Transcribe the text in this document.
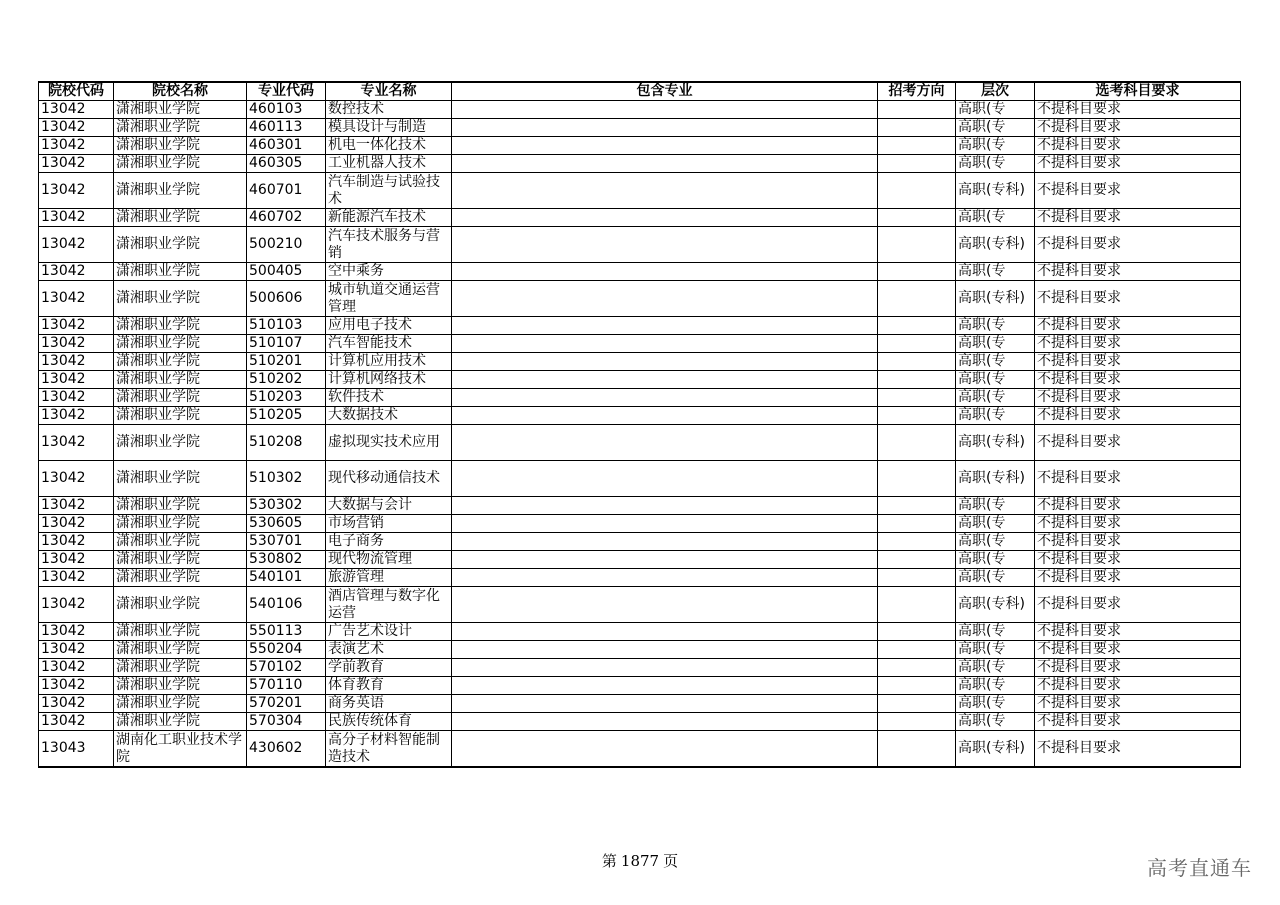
院校代码	院校名称	专业代码	专业名称	包含专业	招考方向	层次	选考科目要求
13042	潇湘职业学院	460103	数控技术			高职(专	不提科目要求
13042	潇湘职业学院	460113	模具设计与制造			高职(专	不提科目要求
13042	潇湘职业学院	460301	机电一体化技术			高职(专	不提科目要求
13042	潇湘职业学院	460305	工业机器人技术			高职(专	不提科目要求
13042	潇湘职业学院	460701	汽车制造与试验技术			高职(专科)	不提科目要求
13042	潇湘职业学院	460702	新能源汽车技术			高职(专	不提科目要求
13042	潇湘职业学院	500210	汽车技术服务与营销			高职(专科)	不提科目要求
13042	潇湘职业学院	500405	空中乘务			高职(专	不提科目要求
13042	潇湘职业学院	500606	城市轨道交通运营管理			高职(专科)	不提科目要求
13042	潇湘职业学院	510103	应用电子技术			高职(专	不提科目要求
13042	潇湘职业学院	510107	汽车智能技术			高职(专	不提科目要求
13042	潇湘职业学院	510201	计算机应用技术			高职(专	不提科目要求
13042	潇湘职业学院	510202	计算机网络技术			高职(专	不提科目要求
13042	潇湘职业学院	510203	软件技术			高职(专	不提科目要求
13042	潇湘职业学院	510205	大数据技术			高职(专	不提科目要求
13042	潇湘职业学院	510208	虚拟现实技术应用			高职(专科)	不提科目要求
13042	潇湘职业学院	510302	现代移动通信技术			高职(专科)	不提科目要求
13042	潇湘职业学院	530302	大数据与会计			高职(专	不提科目要求
13042	潇湘职业学院	530605	市场营销			高职(专	不提科目要求
13042	潇湘职业学院	530701	电子商务			高职(专	不提科目要求
13042	潇湘职业学院	530802	现代物流管理			高职(专	不提科目要求
13042	潇湘职业学院	540101	旅游管理			高职(专	不提科目要求
13042	潇湘职业学院	540106	酒店管理与数字化运营			高职(专科)	不提科目要求
13042	潇湘职业学院	550113	广告艺术设计			高职(专	不提科目要求
13042	潇湘职业学院	550204	表演艺术			高职(专	不提科目要求
13042	潇湘职业学院	570102	学前教育			高职(专	不提科目要求
13042	潇湘职业学院	570110	体育教育			高职(专	不提科目要求
13042	潇湘职业学院	570201	商务英语			高职(专	不提科目要求
13042	潇湘职业学院	570304	民族传统体育			高职(专	不提科目要求
13043	湖南化工职业技术学院	430602	高分子材料智能制造技术			高职(专科)	不提科目要求
第 1877 页	高考直通车
